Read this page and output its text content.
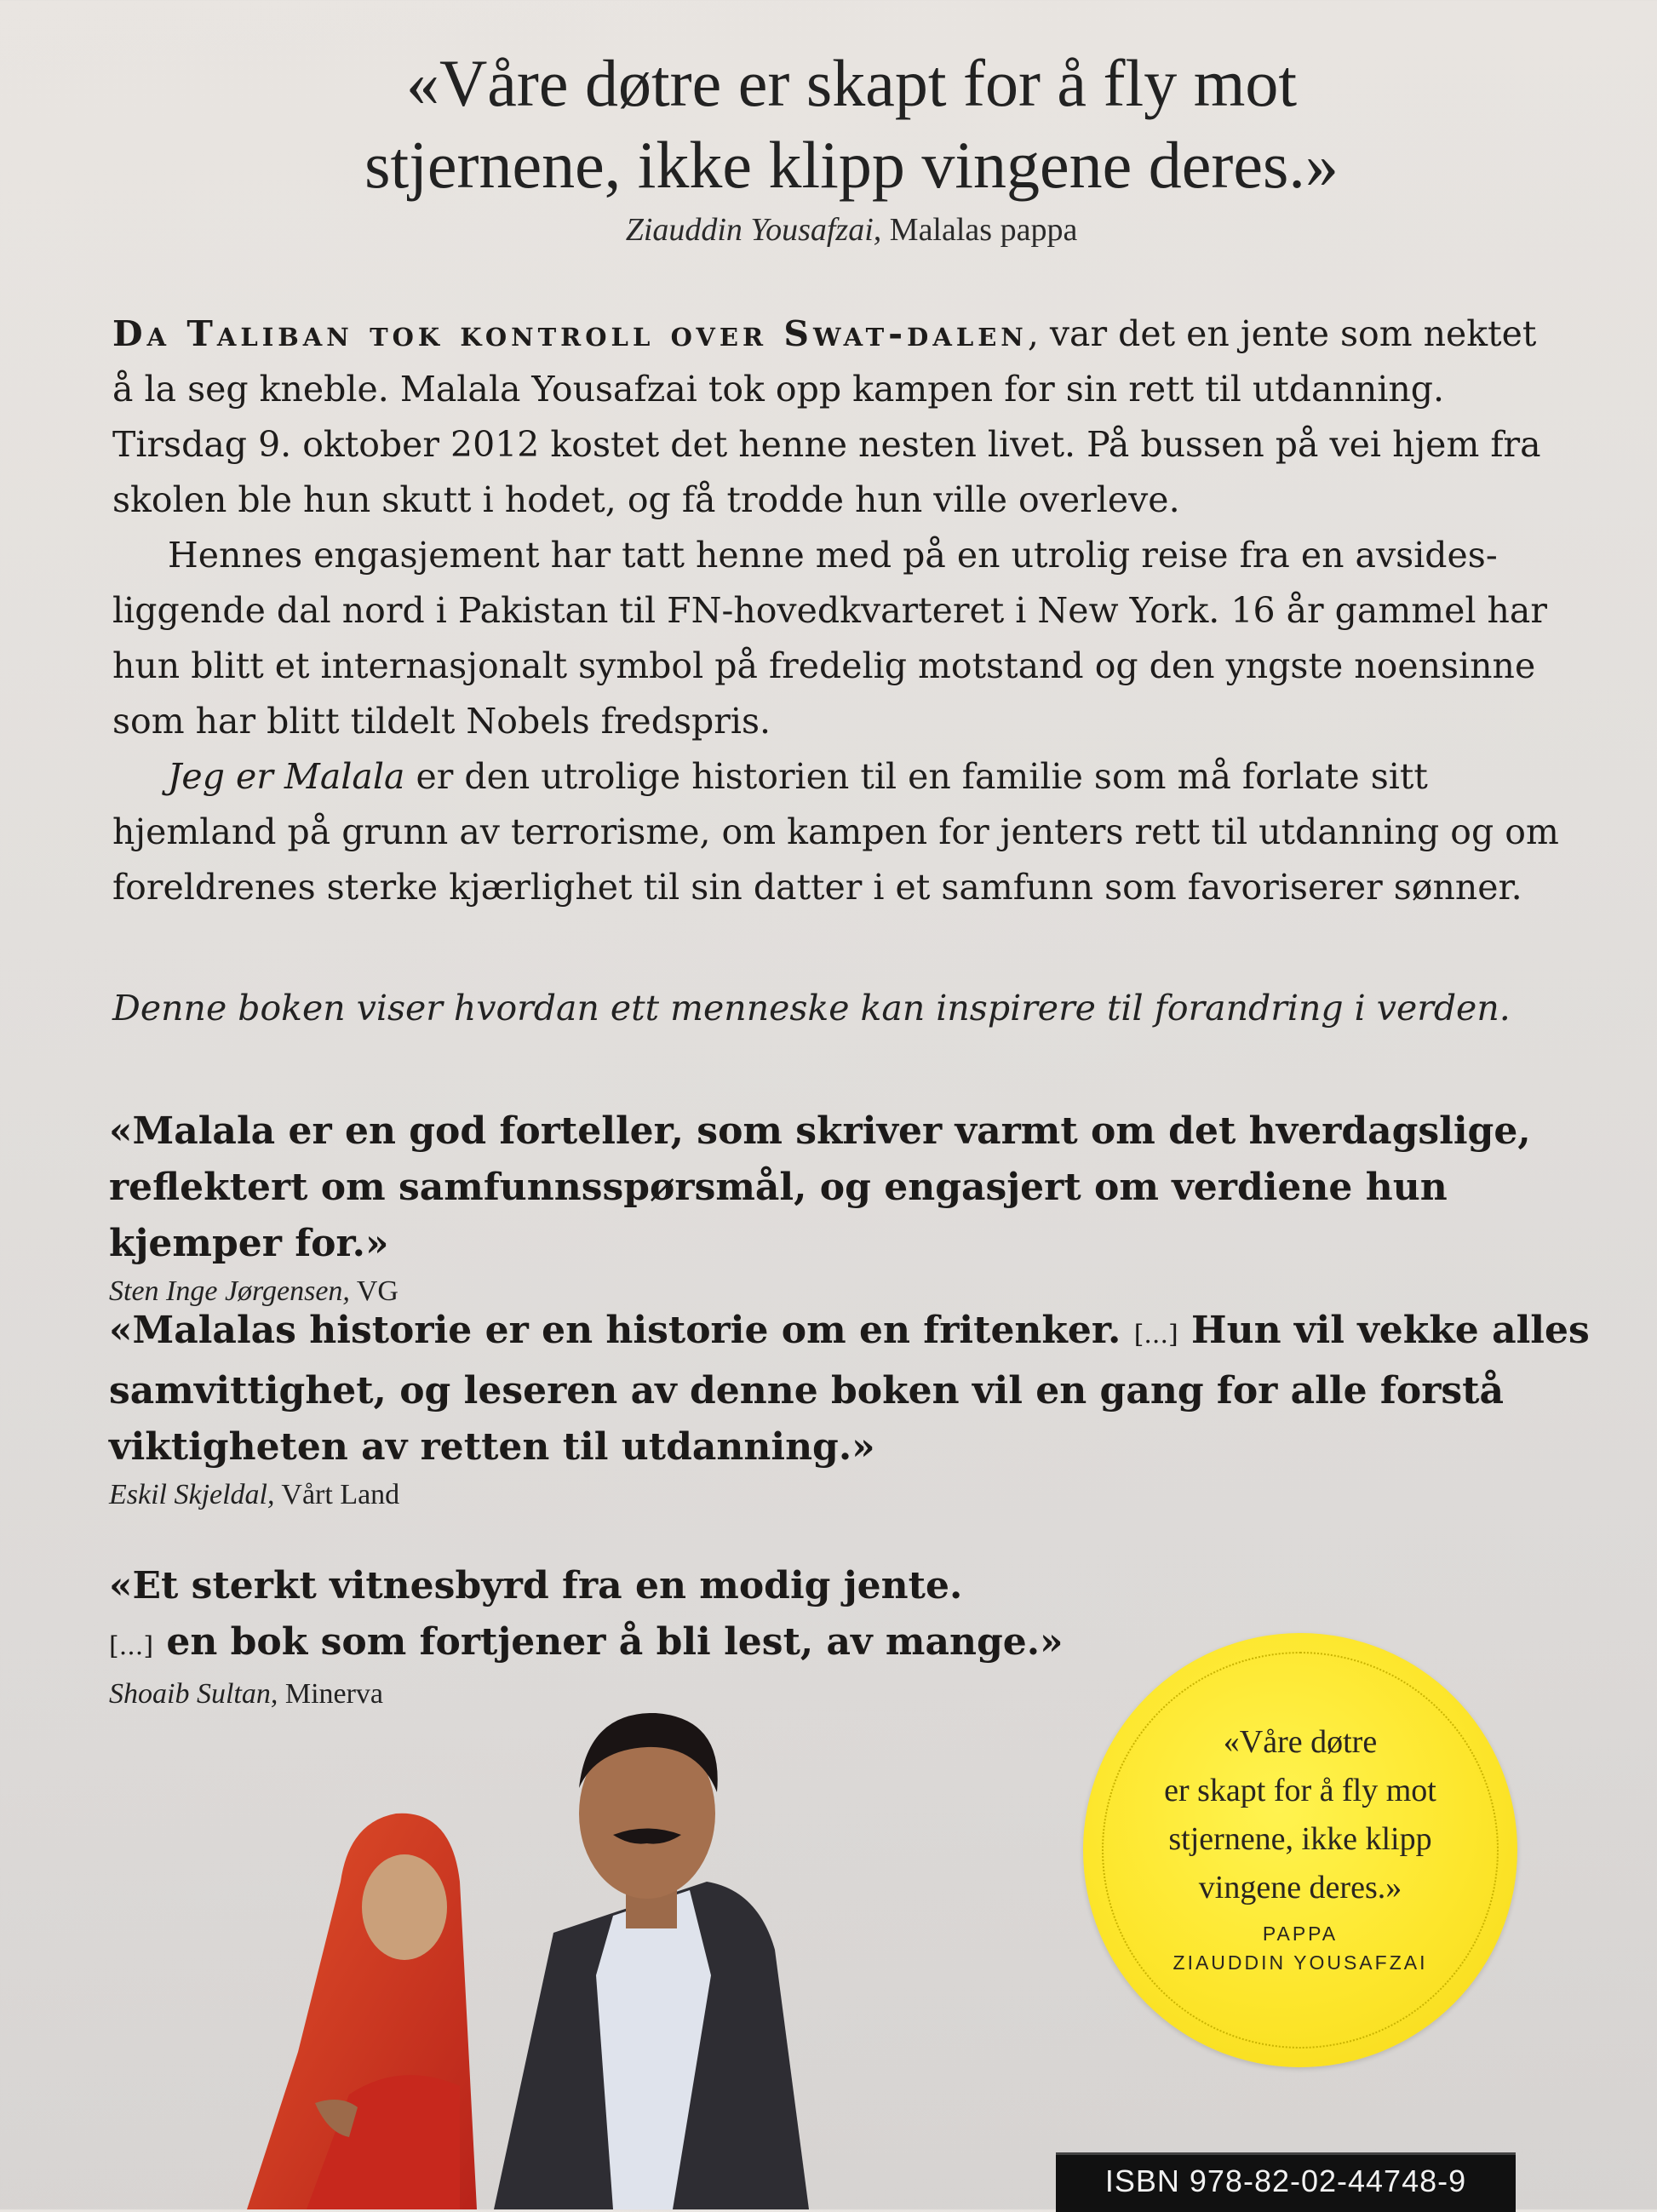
«Våre døtre er skapt for å fly mot
stjernene, ikke klipp vingene deres.»
Ziauddin Yousafzai, Malalas pappa

Da Taliban tok kontroll over Swat-dalen, var det en jente som nektet å la seg kneble. Malala Yousafzai tok opp kampen for sin rett til utdanning. Tirsdag 9. oktober 2012 kostet det henne nesten livet. På bussen på vei hjem fra skolen ble hun skutt i hodet, og få trodde hun ville overleve.

Hennes engasjement har tatt henne med på en utrolig reise fra en avsides-liggende dal nord i Pakistan til FN-hovedkvarteret i New York. 16 år gammel har hun blitt et internasjonalt symbol på fredelig motstand og den yngste noensinne som har blitt tildelt Nobels fredspris.

Jeg er Malala er den utrolige historien til en familie som må forlate sitt hjemland på grunn av terrorisme, om kampen for jenters rett til utdanning og om foreldrenes sterke kjærlighet til sin datter i et samfunn som favoriserer sønner.

Denne boken viser hvordan ett menneske kan inspirere til forandring i verden.
«Malala er en god forteller, som skriver varmt om det hverdagslige, reflektert om samfunnsspørsmål, og engasjert om verdiene hun kjemper for.»
Sten Inge Jørgensen, VG
«Malalas historie er en historie om en fritenker. [...] Hun vil vekke alles samvittighet, og leseren av denne boken vil en gang for alle forstå viktigheten av retten til utdanning.»
Eskil Skjeldal, Vårt Land
«Et sterkt vitnesbyrd fra en modig jente.
[...] en bok som fortjener å bli lest, av mange.»
Shoaib Sultan, Minerva
«Våre døtre
er skapt for å fly mot
stjernene, ikke klipp
vingene deres.»
PAPPA
ZIAUDDIN YOUSAFZAI
ISBN 978-82-02-44748-9
